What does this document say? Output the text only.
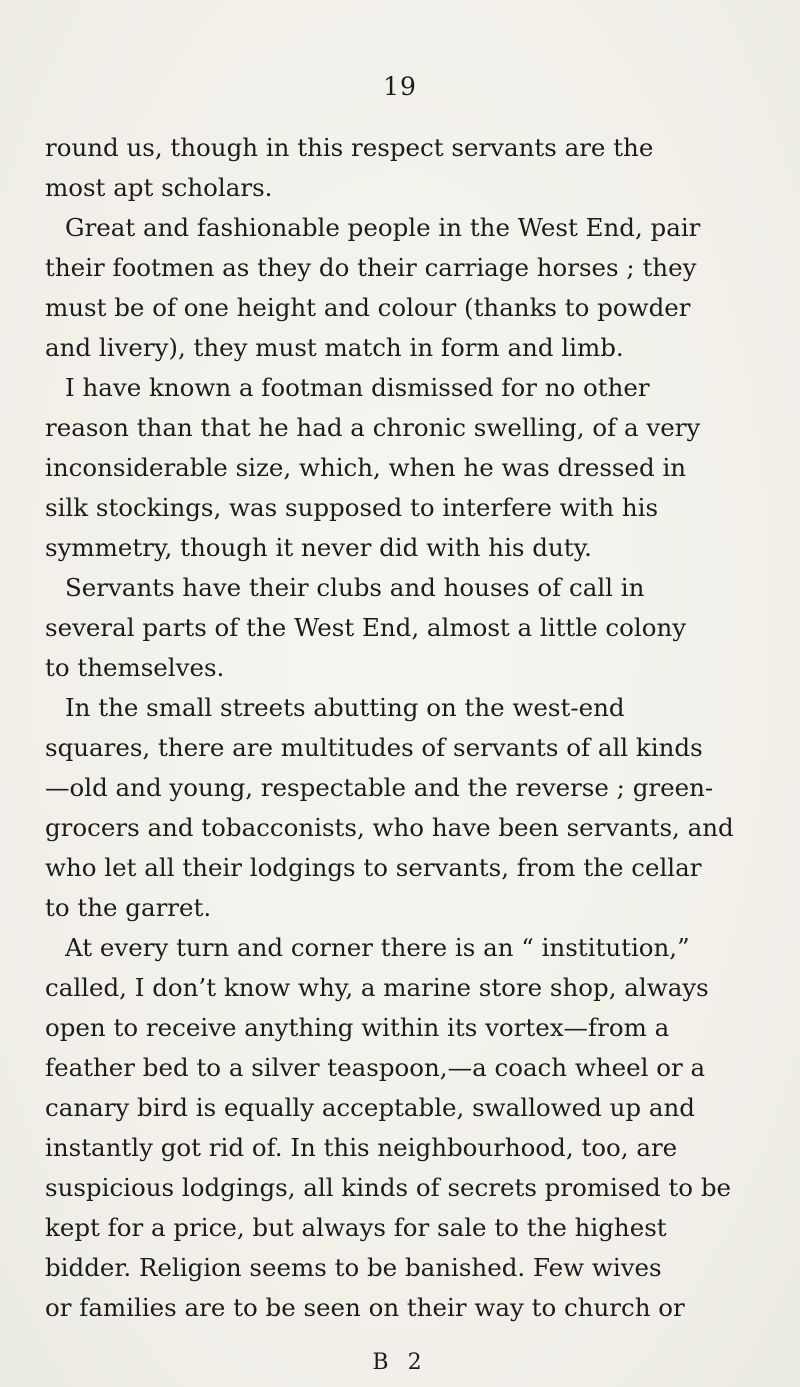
19
round us, though in this respect servants are the
most apt scholars.
Great and fashionable people in the West End, pair
their footmen as they do their carriage horses ; they
must be of one height and colour (thanks to powder
and livery), they must match in form and limb.
I have known a footman dismissed for no other
reason than that he had a chronic swelling, of a very
inconsiderable size, which, when he was dressed in
silk stockings, was supposed to interfere with his
symmetry, though it never did with his duty.
Servants have their clubs and houses of call in
several parts of the West End, almost a little colony
to themselves.
In the small streets abutting on the west-end
squares, there are multitudes of servants of all kinds
—old and young, respectable and the reverse ; green-
grocers and tobacconists, who have been servants, and
who let all their lodgings to servants, from the cellar
to the garret.
At every turn and corner there is an “ institution,”
called, I don’t know why, a marine store shop, always
open to receive anything within its vortex—from a
feather bed to a silver teaspoon,—a coach wheel or a
canary bird is equally acceptable, swallowed up and
instantly got rid of. In this neighbourhood, too, are
suspicious lodgings, all kinds of secrets promised to be
kept for a price, but always for sale to the highest
bidder. Religion seems to be banished. Few wives
or families are to be seen on their way to church or
B 2
